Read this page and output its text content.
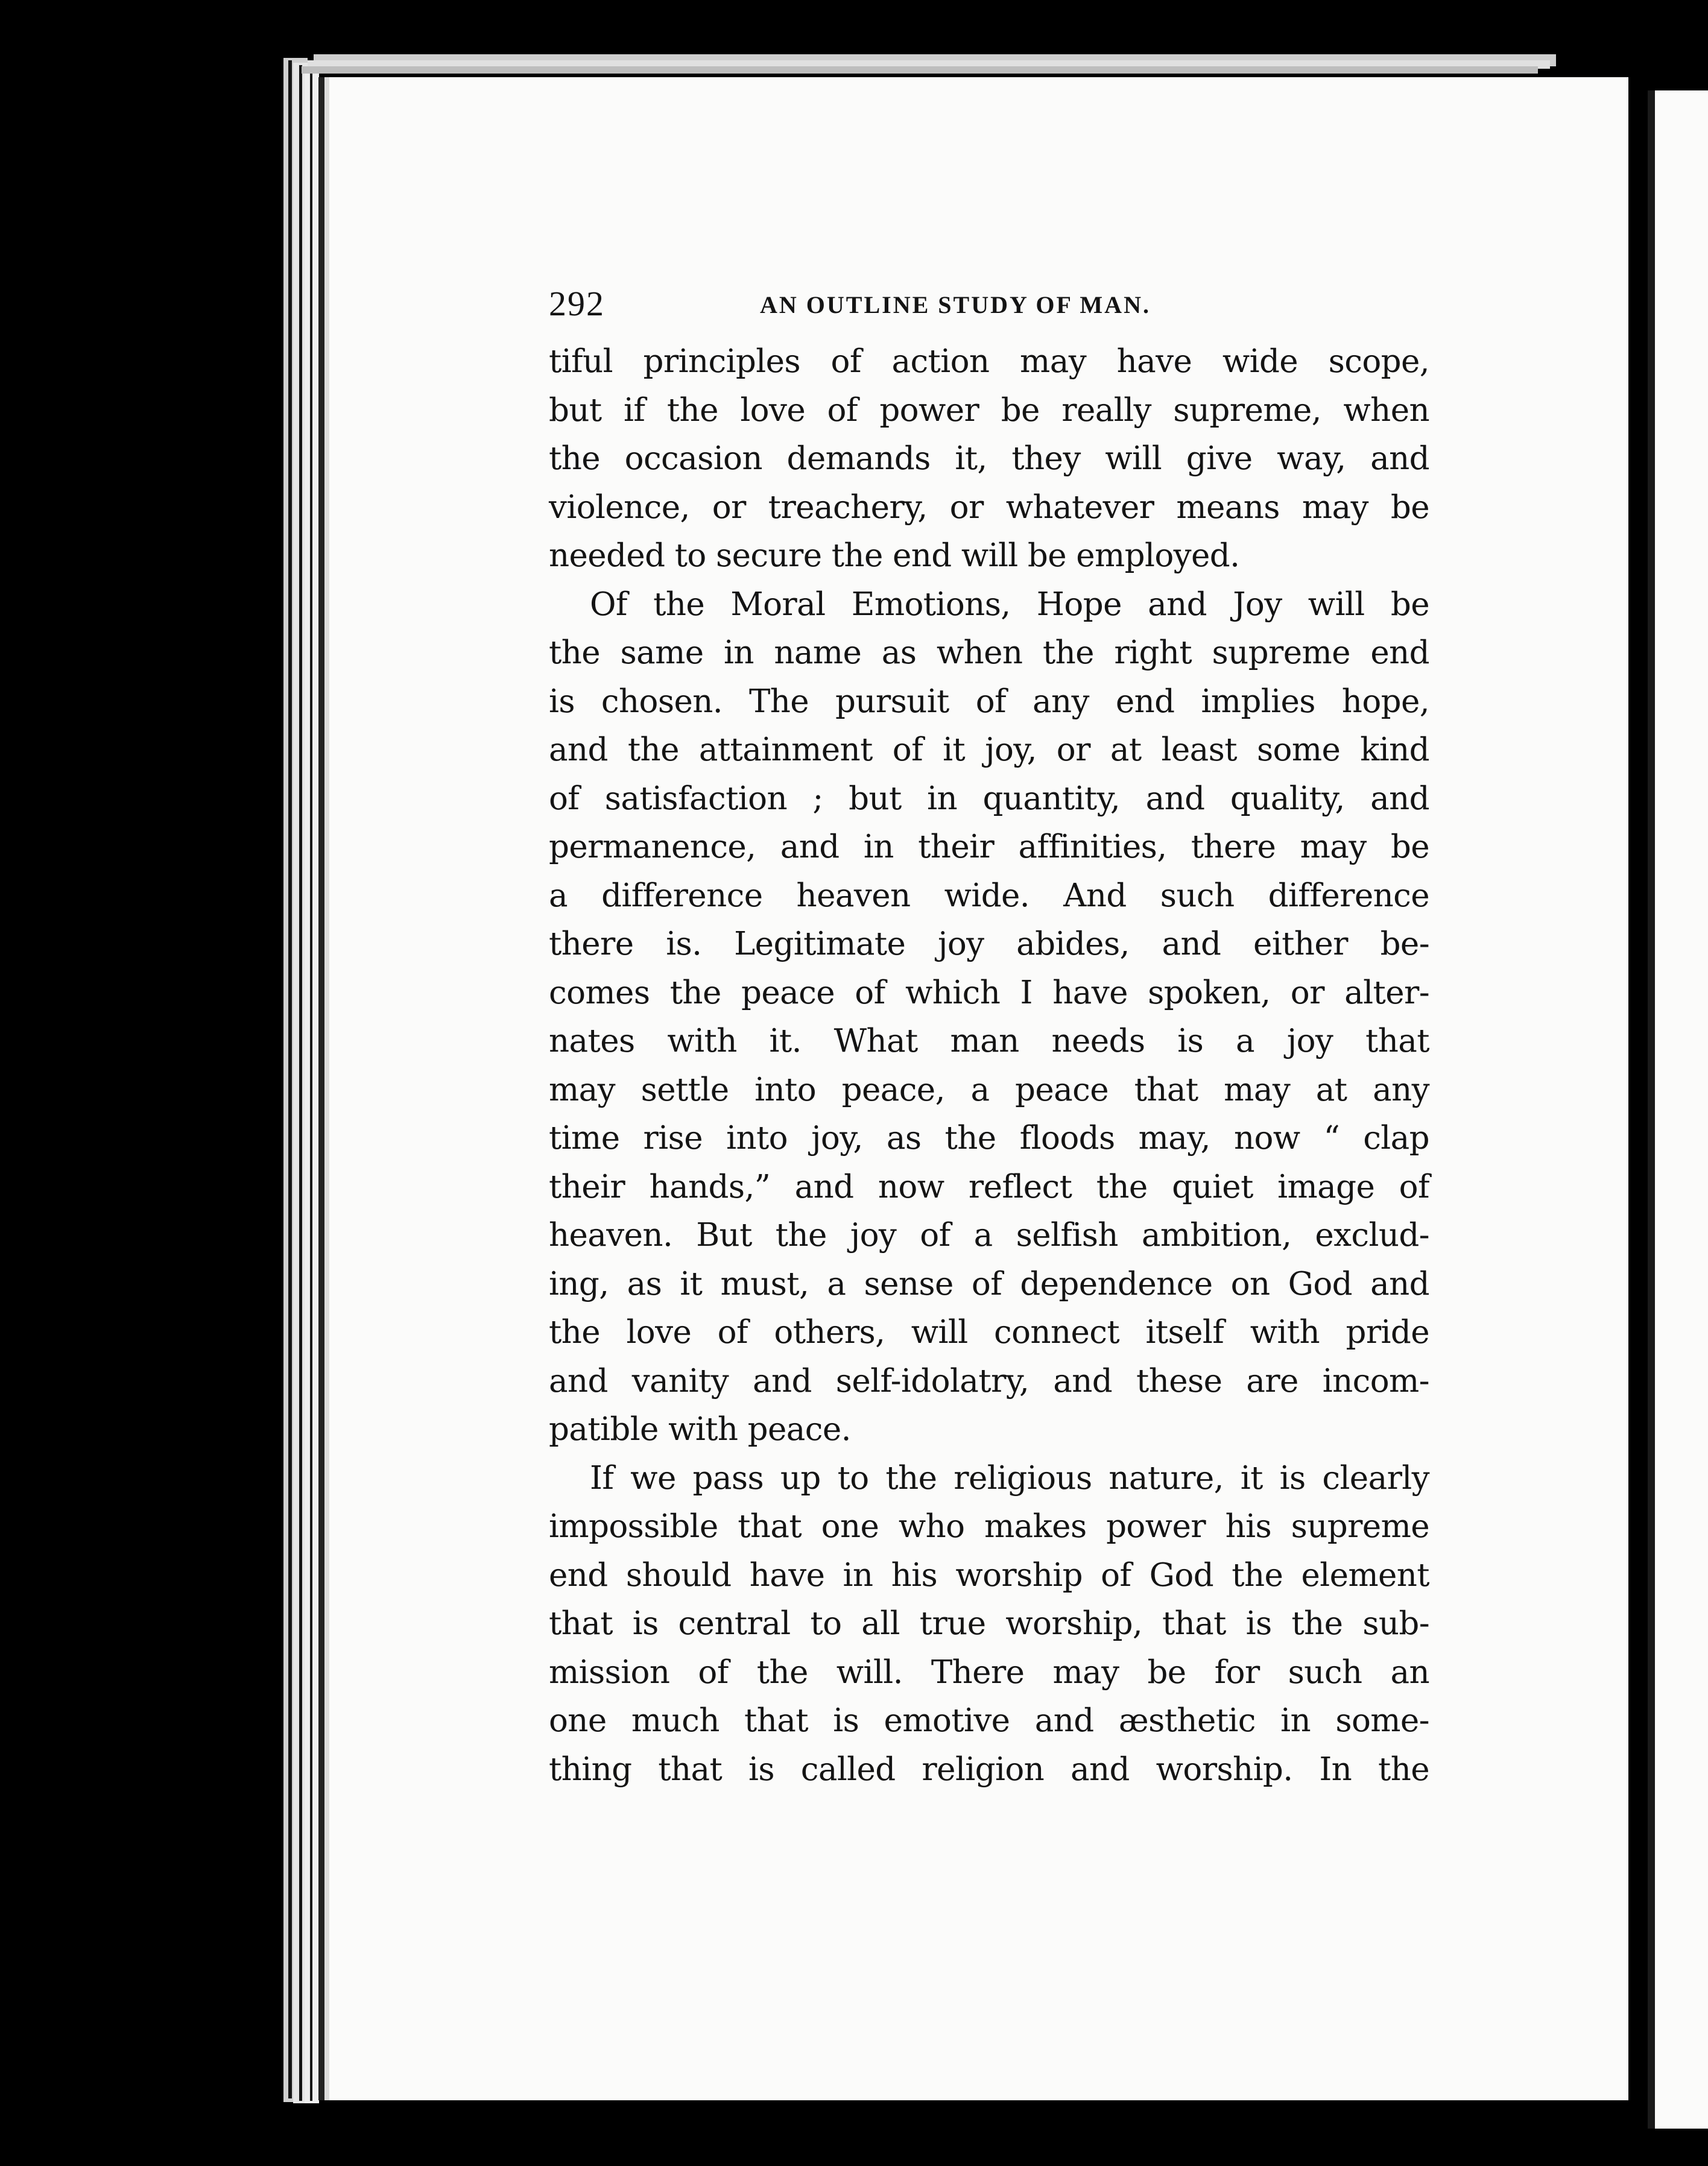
292	AN OUTLINE STUDY OF MAN.
tiful principles of action may have wide scope,
but if the love of power be really supreme, when
the occasion demands it, they will give way, and
violence, or treachery, or whatever means may be
needed to secure the end will be employed.
Of the Moral Emotions, Hope and Joy will be
the same in name as when the right supreme end
is chosen. The pursuit of any end implies hope,
and the attainment of it joy, or at least some kind
of satisfaction ; but in quantity, and quality, and
permanence, and in their affinities, there may be
a difference heaven wide. And such difference
there is. Legitimate joy abides, and either be-
comes the peace of which I have spoken, or alter-
nates with it. What man needs is a joy that
may settle into peace, a peace that may at any
time rise into joy, as the floods may, now “ clap
their hands,” and now reflect the quiet image of
heaven. But the joy of a selfish ambition, exclud-
ing, as it must, a sense of dependence on God and
the love of others, will connect itself with pride
and vanity and self-idolatry, and these are incom-
patible with peace.
If we pass up to the religious nature, it is clearly
impossible that one who makes power his supreme
end should have in his worship of God the element
that is central to all true worship, that is the sub-
mission of the will. There may be for such an
one much that is emotive and æsthetic in some-
thing that is called religion and worship. In the
